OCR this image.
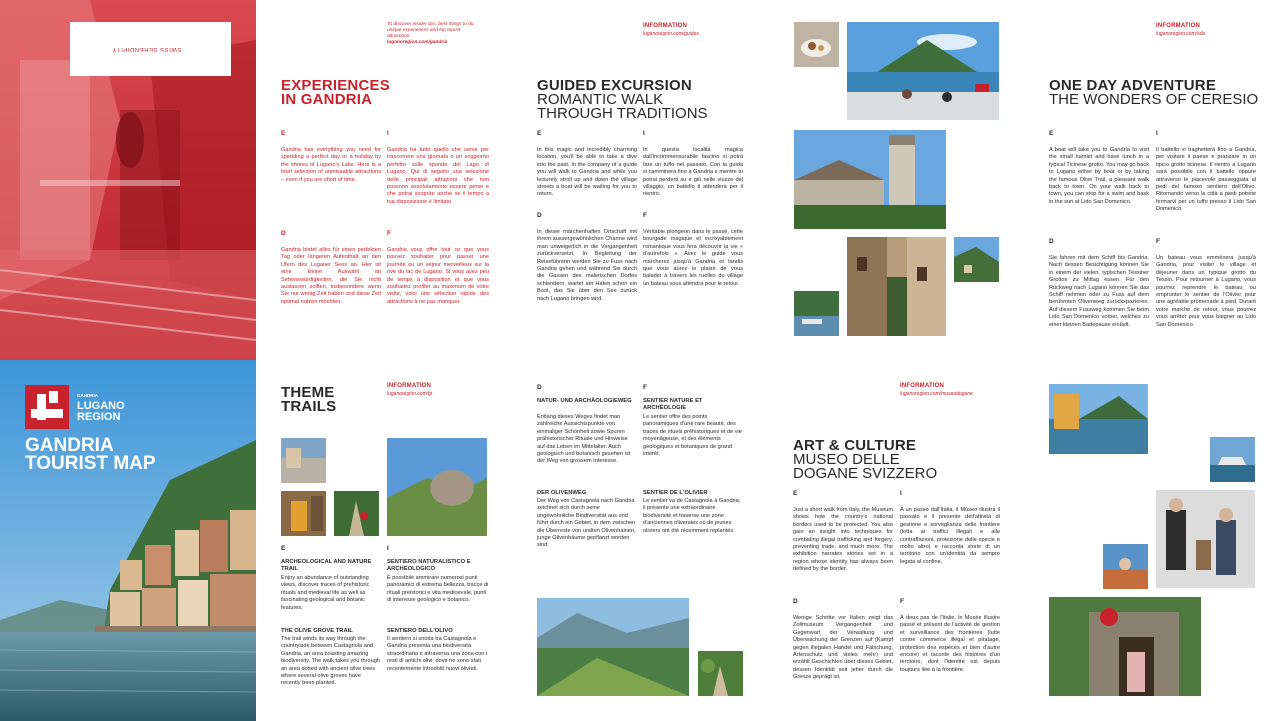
SWISS SERENDIPITY
To discover insider tips, best things to do, unique experiences and top tourist attractions:
luganoregion.com/gandria
EXPERIENCES
IN GANDRIA
E
Gandria has everything you need for spending a perfect day or a holiday by the shores of Lugano's Lake. Here is a brief selection of unmissable attractions – even if you are short of time.
I
Gandria ha tutto quello che serve per trascorrere una giornata o un soggiorno perfetto sulle sponde del Lago di Lugano. Qui di seguito una selezione delle principali attrazioni che non possono assolutamente essere perse e che potrai scoprire anche se il tempo a tua disposizione è limitato.
D
Gandria bietet alles für einen perfekten Tag oder längeren Aufenthalt an den Ufern des Luganer Sees an. Hier ist eine kleine Auswahl an Sehenswürdigkeiten, die Sie nicht auslassen sollten, insbesondere wenn Sie nur wenig Zeit haben und diese Zeit optimal nutzen möchten.
F
Gandria vous offre tout ce que vous pouvez souhaiter pour passer une journée ou un séjour merveilleux sur la rive du lac de Lugano. Si vous avez peu de temps à disposition et que vous souhaitez profiter au maximum de votre visite, voici une sélection rapide des attractions à ne pas manquer.
INFORMATION
luganoregion.com/guides
GUIDED EXCURSION
ROMANTIC WALK
THROUGH TRADITIONS
E
In this magic and incredibly charming location, you'll be able to take a dive into the past. In the company of a guide you will walk to Gandria and while you leisurely stroll up and down the village streets a boat will be waiting for you to return.
I
In questa località magica dall'incommensurabile fascino si potrà fare un tuffo nel passato. Con la guida si camminera fino a Gandria e mentre tu potrai perderti su e giù nelle viuzze del villaggio, un battello ti attenderà per il rientro.
D
In dieser märchenhaften Ortschaft mit ihrem aussergewöhnlichen Charme wird man unweigerlich in die Vergangenheit zurückversetzt. In Begleitung der Reiseführerin werden Sie zu Fuss nach Gandria gehen und während Sie durch die Gassen des malerischen Dorfes schlendern, wartet am Hafen schon ein Boot, das Sie über den See zurück nach Lugano bringen wird.
F
Véritable plongeon dans le passé, cette bourgade magique et incroyablement romantique vous fera découvrir la vie « d'autrefois ». Avec le guide vous marcherez jusqu'à Gandria et tandis que vous aurez le plaisir de vous balader à travers les ruelles du village un bateau vous attendra pour le retour.
INFORMATION
luganoregion.com/sda
ONE DAY ADVENTURE
THE WONDERS OF CERESIO
E
A boat will take you to Gandria to visit the small hamlet and have lunch in a typical Ticinese grotto. You may go back to Lugano either by boat or by taking the famous Olive Trail, a pleasant walk back to town. On your walk back to town, you can stop for a swim and bask in the sun at Lido San Domenico.
I
Il battello vi traghetterà fino a Gandria, per visitare il paese e pranzare in un tipico grotto ticinese. Il rientro a Lugano sarà possibile con il battello oppure attraverso le piacevole passeggiata al pedi del famoso sentiero dell'Olivo. Ritornando verso la città a piedi potrete fermarvi per un tuffo presso il Lido San Domenico.
D
Sie fahren mit dem Schiff bis Gandria. Nach dessen Besichtigung können Sie in einem der vielen, typischen Tessiner Grottos zu Mittag essen. Für den Rückweg nach Lugano können Sie das Schiff nehmen oder zu Fuss auf dem berühmten Olivenweg zurückspazieren. Auf diesem Fussweg kommen Sie beim Lido San Domenico vorbei, welches zu einer kleinen Badepause einlädt.
F
Un bateau vous emmènera jusqu'à Gandria, pour visiter le village et déjeuner dans un typique grotto du Tessin. Pour retourner à Lugano, vous pourrez reprendre le bateau ou emprunter le sentier de l'Olivier pour une agréable promenade à pied. Durant votre marche de retour, vous pourrez vous arrêter pour vous baigner au Lido San Domenico.
GANDRIA
LUGANO
REGION
GANDRIA
TOURIST MAP
THEME
TRAILS
INFORMATION
luganoregion.com/tp
E
ARCHEOLOGICAL AND NATURE TRAIL
Enjoy an abundance of outstanding views, discover traces of prehistoric rituals and medieval life as well as fascinating geological and botanic features.
THE OLIVE GROVE TRAIL
The trail winds its way through the countryside between Castagnola and Gandria, an area boasting amazing biodiversity. The walk takes you through an area dotted with ancient olive trees where several olive groves have recently been planted.
I
SENTIERO NATURALISTICO E ARCHEOLOGICO
È possibile ammirare numerosi punti panoramici di estrema bellezza, tracce di rituali preistorici e vita medioevale, punti di interesse geologico e botanico.
SENTIERO DELL'OLIVO
Il sentiero si snoda tra Castagnola e Gandria presenta una biodiversità straordinaria e attraversa una zona con i resti di antichi olivi, dove ne sono stati recentemente introdotti nuovi olivieti.
D
NATUR- UND ARCHÄOLOGIEWEG
Entlang dieses Weges findet man zahlreiche Aussichtspunkte von einmaliger Schönheit sowie Spuren prähistorischer Rituale und Hinweise auf das Leben im Mittelalter. Auch geologisch und botanisch gesehen ist der Weg von grossem Interesse.
DER OLIVENWEG
Der Weg von Castagnola nach Gandria zeichnet sich durch seine ungewöhnliche Biodiversität aus und führt durch ein Gebiet, in dem zwischen die Überreste von uralten Olivenhainen, junge Olivenbäume gepflanzt worden sind.
F
SENTIER NATURE ET ARCHÉOLOGIE
Le sentier offre des points panoramiques d'une rare beauté, des traces de rituels préhistoriques et de vie moyenâgeuse, et des éléments géologiques et botaniques de grand intérêt.
SENTIER DE L'OLIVIER
Le sentier va de Castagnola à Gandria; il présente une extraordinaire biodiversité et traverse une zone d'anciennes oliveraies où de jeunes oliviers ont été récemment replantés.
INFORMATION
luganoregion.com/museodogane
ART & CULTURE
MUSEO DELLE
DOGANE SVIZZERO
E
Just a short walk from Italy, the Museum shows how the country's national borders used to be protected. You also gain an insight into techniques for combating illegal trafficking and forgery, preventing trade, and much more. The exhibition narrates stories set in a region whose identity has always been defined by the border.
I
A un passo dall'Italia, il Museo illustra il passato e il presente dell'attività di gestione e sorveglianza delle frontiere (lotta ai traffici illegali e alle contraffazioni, protezione delle specie e molto altro) e racconta storie di un territorio con un'identità da sempre legata al confine.
D
Wenige Schritte vor Italien zeigt das Zollmuseum Vergangenheit und Gegenwart der Verwaltung und Überwachung der Grenzen auf (Kampf gegen illegalen Handel und Fälschung, Artenschutz und vieles mehr) und erzählt Geschichten über dieses Gebiet, dessen Identität seit jeher durch die Grenze geprägt ist.
F
À deux pas de l'Italie, le Musée illustre passé et présent de l'activité de gestion et surveillance des frontières (lutte contre commerce illégal et piratage, protection des espèces et bien d'autre encore) et raconte des histoires d'un territoire, dont l'identité est depuis toujours liée à la frontière.
